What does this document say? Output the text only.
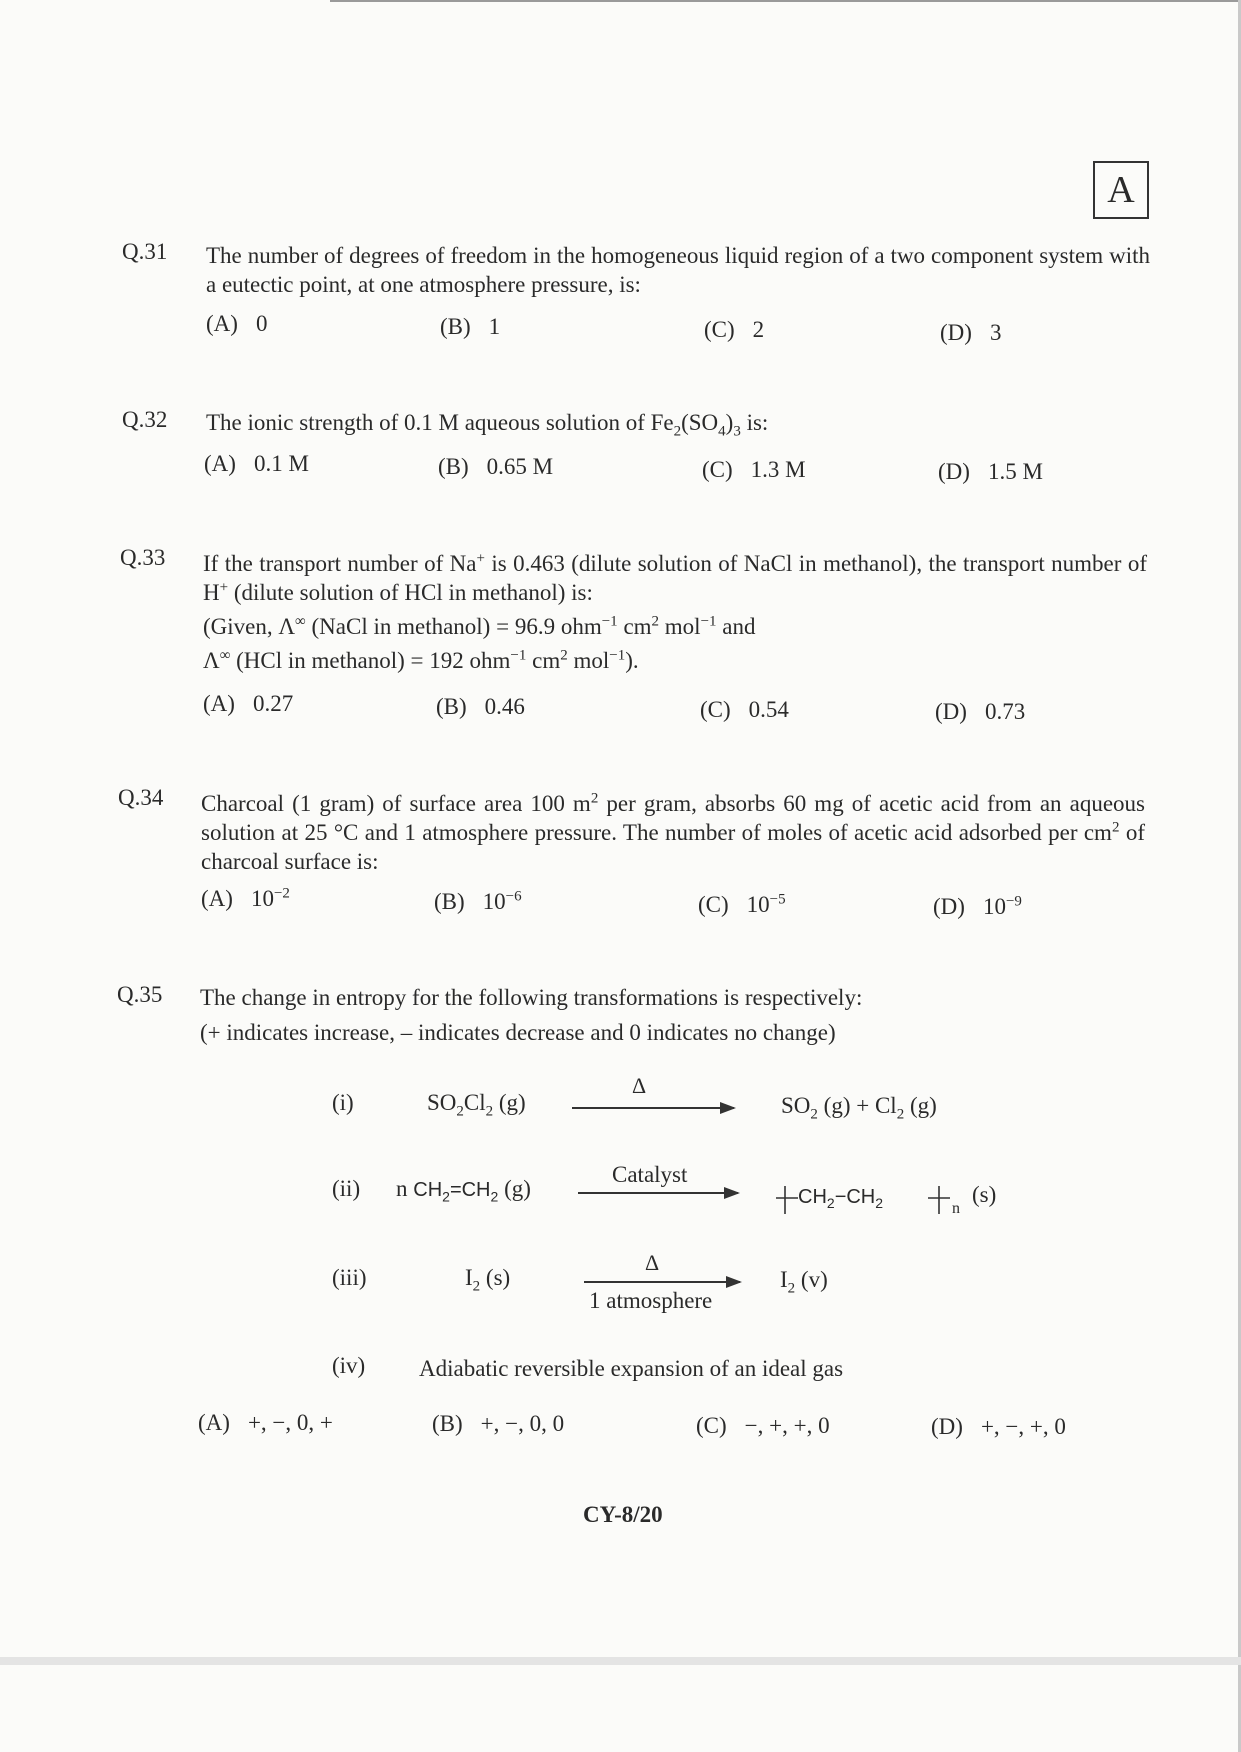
A
Q.31 The number of degrees of freedom in the homogeneous liquid region of a two component system with a eutectic point, at one atmosphere pressure, is:
(A) 0	(B) 1	(C) 2	(D) 3
Q.32 The ionic strength of 0.1 M aqueous solution of $Fe_2(SO_4)_3$ is:
(A) 0.1 M	(B) 0.65 M	(C) 1.3 M	(D) 1.5 M
Q.33 If the transport number of Na+ is 0.463 (dilute solution of NaCl in methanol), the transport number of H+ (dilute solution of HCl in methanol) is:
(Given, Λ∞ (NaCl in methanol) = 96.9 ohm$^{-1}$ $cm^2$ mol$^{-1}$ and
Λ∞ (HCl in methanol) = 192 ohm$^{-1}$ $cm^2$ mol$^{-1}$).
(A) 0.27	(B) 0.46	(C) 0.54	(D) 0.73
Q.34 Charcoal (1 gram) of surface area 100 $m^2$ per gram, absorbs 60 mg of acetic acid from an aqueous solution at 25 °C and 1 atmosphere pressure. The number of moles of acetic acid adsorbed per $cm^2$ of charcoal surface is:
(A) $10^{-2}$	(B) $10^{-6}$	(C) $10^{-5}$	(D) $10^{-9}$
Q.35 The change in entropy for the following transformations is respectively:
(+ indicates increase, – indicates decrease and 0 indicates no change)
(i)	$SO_2Cl_2$ (g)
Δ
$SO_2$ $(g) + Cl_2$ (g)
(ii) n $CH_2=CH_2$ (g)
Catalyst
$CH_2-CH_2$	n
(s)
(iii)	$I_2$ (s)
Δ
1 atmosphere
$I_2$ (v)
(iv) Adiabatic reversible expansion of an ideal gas
(A) +, −, 0, +	(B) +, −, 0, 0	(C) −, +, +, 0	(D) +, −, +, 0
CY-8/20
